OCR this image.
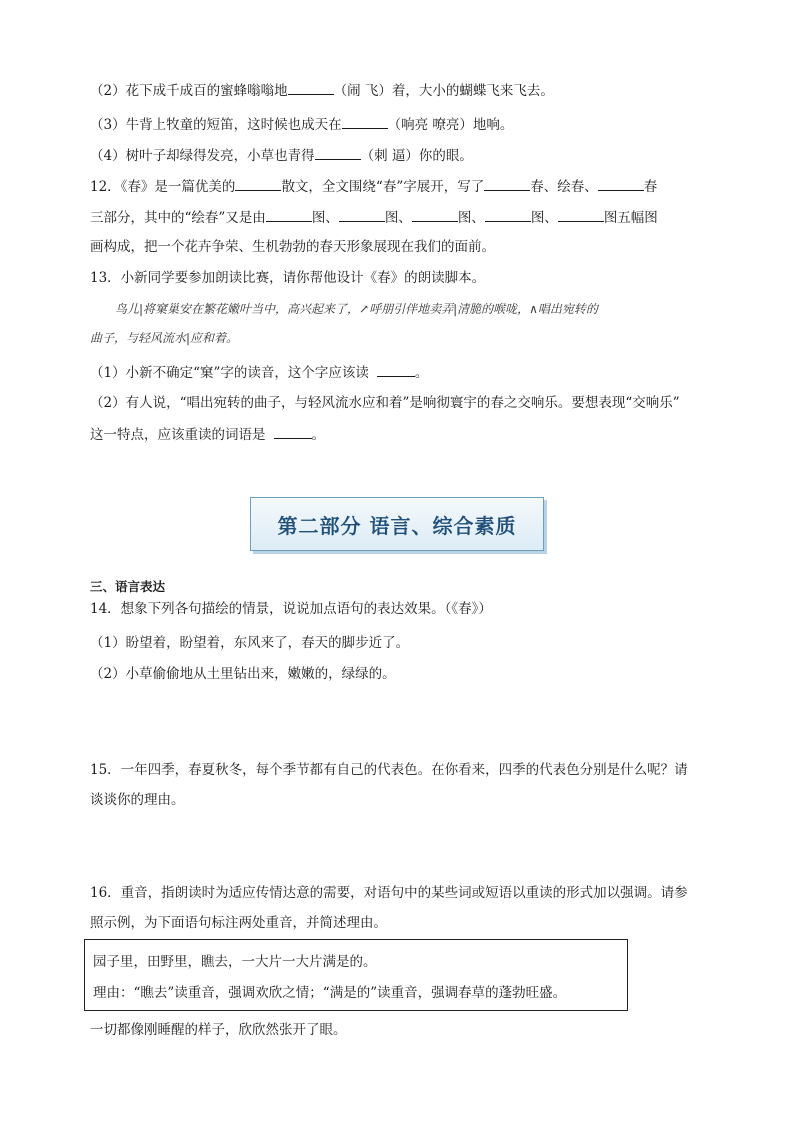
（2）花下成千成百的蜜蜂嗡嗡地	（闹 飞）着，大小的蝴蝶飞来飞去。
（3）牛背上牧童的短笛，这时候也成天在	（响亮 嘹亮）地响。
（4）树叶子却绿得发亮，小草也青得	（刺 逼）你的眼。
12．《春》是一篇优美的	散文，全文围绕“春”字展开，写了	春、绘春、	春
三部分，其中的“绘春”又是由	图、	图、	图、	图、	图五幅图
画构成，把一个花卉争荣、生机勃勃的春天形象展现在我们的面前。
13．小新同学要参加朗读比赛，请你帮他设计《春》的朗读脚本。
鸟儿|将窠巢安在繁花嫩叶当中，高兴起来了，↗呼朋引伴地卖弄|清脆的喉咙，∧唱出宛转的
曲子，与轻风流水|应和着。
（1）小新不确定“窠”字的读音，这个字应该读	。
（2）有人说，“唱出宛转的曲子，与轻风流水应和着”是响彻寰宇的春之交响乐。要想表现“交响乐”
这一特点，应该重读的词语是	。
第二部分 语言、综合素质
三、语言表达
14．想象下列各句描绘的情景，说说加点语句的表达效果。（《春》）
（1）盼望着，盼望着，东风来了，春天的脚步近了。
（2）小草偷偷地从土里钻出来，嫩嫩的，绿绿的。
15．一年四季，春夏秋冬，每个季节都有自己的代表色。在你看来，四季的代表色分别是什么呢？请
谈谈你的理由。
16．重音，指朗读时为适应传情达意的需要，对语句中的某些词或短语以重读的形式加以强调。请参
照示例，为下面语句标注两处重音，并简述理由。
园子里，田野里，瞧去，一大片一大片满是的。
理由：“瞧去”读重音，强调欢欣之情；“满是的”读重音，强调春草的蓬勃旺盛。
一切都像刚睡醒的样子，欣欣然张开了眼。
